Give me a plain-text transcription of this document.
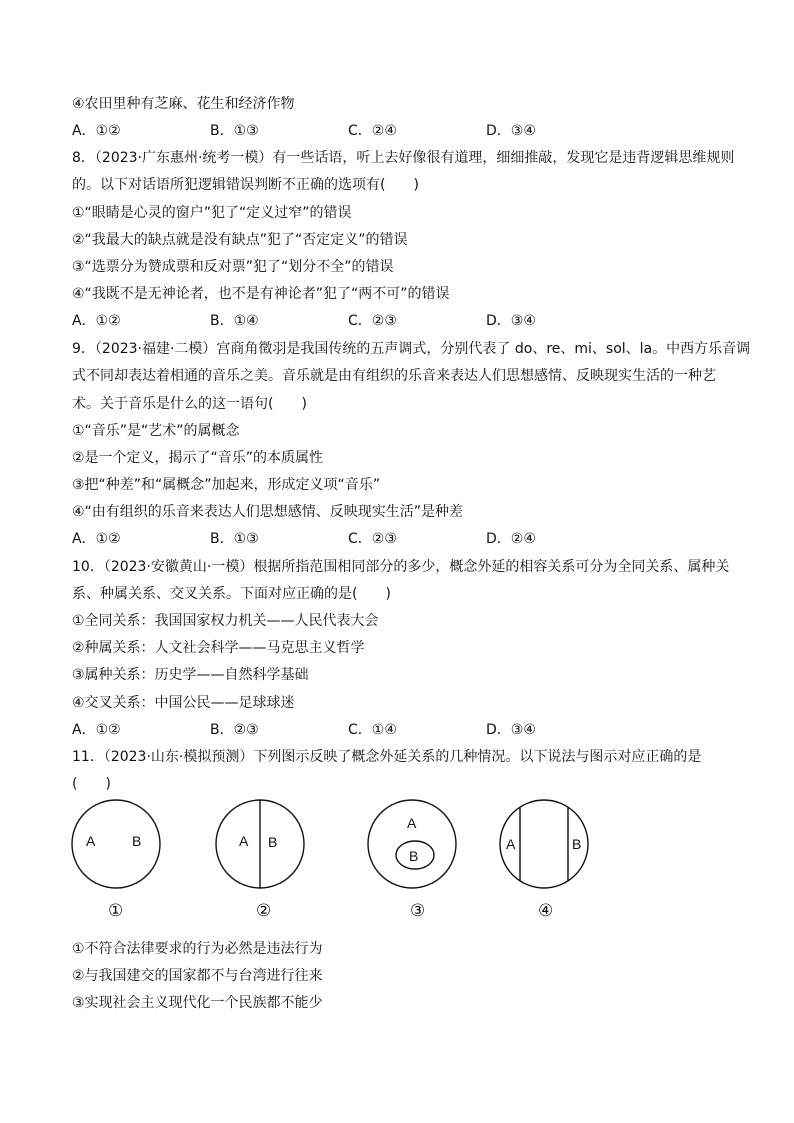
④农田里种有芝麻、花生和经济作物
A．①②	B．①③	C．②④	D．③④
8．（2023·广东惠州·统考一模）有一些话语，听上去好像很有道理，细细推敲，发现它是违背逻辑思维规则
的。以下对话语所犯逻辑错误判断不正确的选项有(　　)
①“眼睛是心灵的窗户”犯了“定义过窄”的错误
②“我最大的缺点就是没有缺点”犯了“否定定义”的错误
③“选票分为赞成票和反对票”犯了“划分不全”的错误
④“我既不是无神论者，也不是有神论者”犯了“两不可”的错误
A．①②	B．①④	C．②③	D．③④
9．（2023·福建·二模）宫商角徵羽是我国传统的五声调式，分别代表了 do、re、mi、sol、la。中西方乐音调
式不同却表达着相通的音乐之美。音乐就是由有组织的乐音来表达人们思想感情、反映现实生活的一种艺
术。关于音乐是什么的这一语句(　　)
①“音乐”是“艺术”的属概念
②是一个定义，揭示了“音乐”的本质属性
③把“种差”和“属概念”加起来，形成定义项“音乐”
④“由有组织的乐音来表达人们思想感情、反映现实生活”是种差
A．①②	B．①③	C．②③	D．②④
10．（2023·安徽黄山·一模）根据所指范围相同部分的多少，概念外延的相容关系可分为全同关系、属种关
系、种属关系、交叉关系。下面对应正确的是(　　)
①全同关系：我国国家权力机关——人民代表大会
②种属关系：人文社会科学——马克思主义哲学
③属种关系：历史学——自然科学基础
④交叉关系：中国公民——足球球迷
A．①②	B．②③	C．①④	D．③④
11．（2023·山东·模拟预测）下列图示反映了概念外延关系的几种情况。以下说法与图示对应正确的是
(　　)
A	B
①
A B
②
A
B
③
A	B
④
①不符合法律要求的行为必然是违法行为
②与我国建交的国家都不与台湾进行往来
③实现社会主义现代化一个民族都不能少
